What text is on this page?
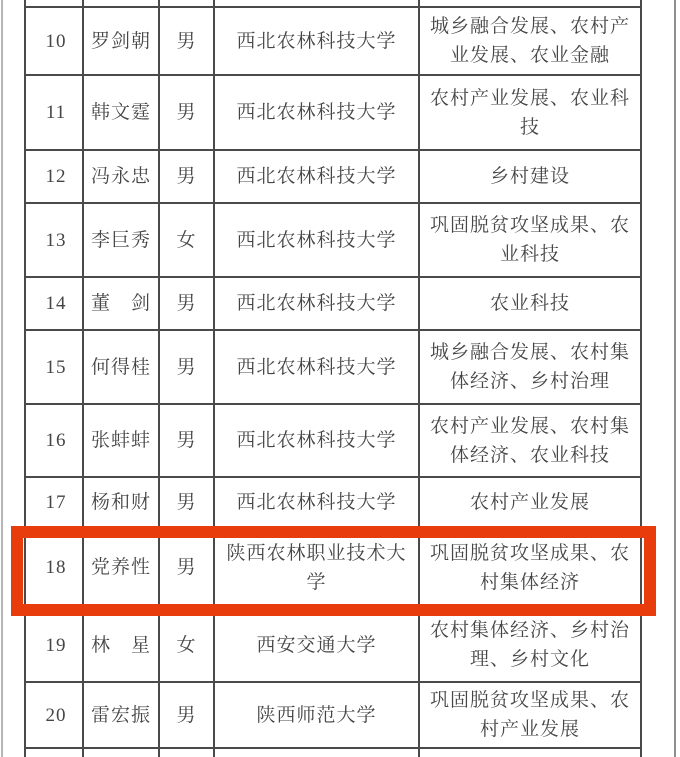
10	罗剑朝	男	西北农林科技大学	城乡融合发展、农村产业发展、农业金融
11	韩文霆	男	西北农林科技大学	农村产业发展、农业科技
12	冯永忠	男	西北农林科技大学	乡村建设
13	李巨秀	女	西北农林科技大学	巩固脱贫攻坚成果、农业科技
14	董　剑	男	西北农林科技大学	农业科技
15	何得桂	男	西北农林科技大学	城乡融合发展、农村集体经济、乡村治理
16	张蚌蚌	男	西北农林科技大学	农村产业发展、农村集体经济、农业科技
17	杨和财	男	西北农林科技大学	农村产业发展
18	党养性	男	陕西农林职业技术大学	巩固脱贫攻坚成果、农村集体经济
19	林　星	女	西安交通大学	农村集体经济、乡村治理、乡村文化
20	雷宏振	男	陕西师范大学	巩固脱贫攻坚成果、农村产业发展
